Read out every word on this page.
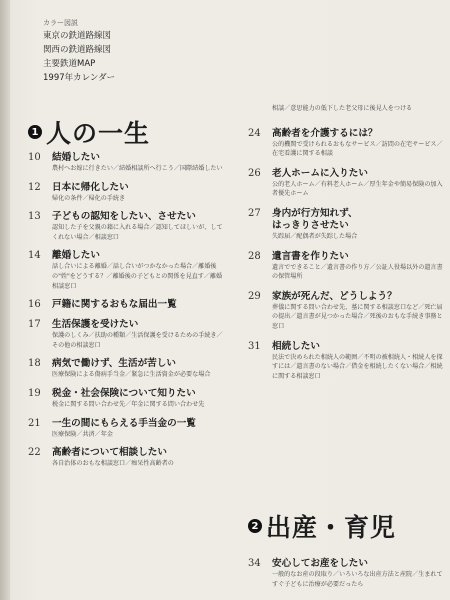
カラー図説
東京の鉄道路線図
関西の鉄道路線図
主要鉄道MAP
1997年カレンダー
1 人の一生
10	結婚したい
農村へお嫁に行きたい／結婚相談所へ行こう／国際結婚したい
12	日本に帰化したい
帰化の条件／帰化の手続き
13	子どもの認知をしたい、させたい
認知した子を父親の籍に入れる場合／認知してほしいが、してくれない場合／相談窓口
14	離婚したい
話し合いによる離婚／話し合いがつかなかった場合／離婚後の"姓"をどうする？／離婚後の子どもとの関係を見直す／離婚相談窓口
16	戸籍に関するおもな届出一覧
17	生活保護を受けたい
保護のしくみ／扶助の種類／生活保護を受けるための手続き／その他の相談窓口
18	病気で働けず、生活が苦しい
医療保険による傷病手当金／緊急に生活資金が必要な場合
19	税金・社会保険について知りたい
税金に関する問い合わせ先／年金に関する問い合わせ先
21	一生の間にもらえる手当金の一覧
医療保険／共済／年金
22	高齢者について相談したい
各自治体のおもな相談窓口／痴呆性高齢者の
相談／意思能力の低下した老父母に後見人をつける
24	高齢者を介護するには？
公的機関で受けられるおもなサービス／訪問の在宅サービス／在宅看護に関する相談
26	老人ホームに入りたい
公的老人ホーム／有料老人ホーム／厚生年金や簡易保険の加入者優先ホーム
27	身内が行方知れず、
はっきりさせたい
失踪届／配偶者が失踪した場合
28	遺言書を作りたい
遺言でできること／遺言書の作り方／公証人役場以外の遺言書の保管場所
29	家族が死んだ、どうしよう？
葬儀に関する問い合わせ先、墓に関する相談窓口など／死亡届の提出／遺言書が見つかった場合／死後のおもな手続き事務と窓口
31	相続したい
民法で決められた相続人の範囲／不明の被相続人・相続人を探すには／遺言書のない場合／借金を相続したくない場合／相続に関する相談窓口
2 出産・育児
34	安心してお産をしたい
一般的なお産の段取り／いろいろな出産方法と産院／生まれてすぐ子どもに治療が必要だったら
